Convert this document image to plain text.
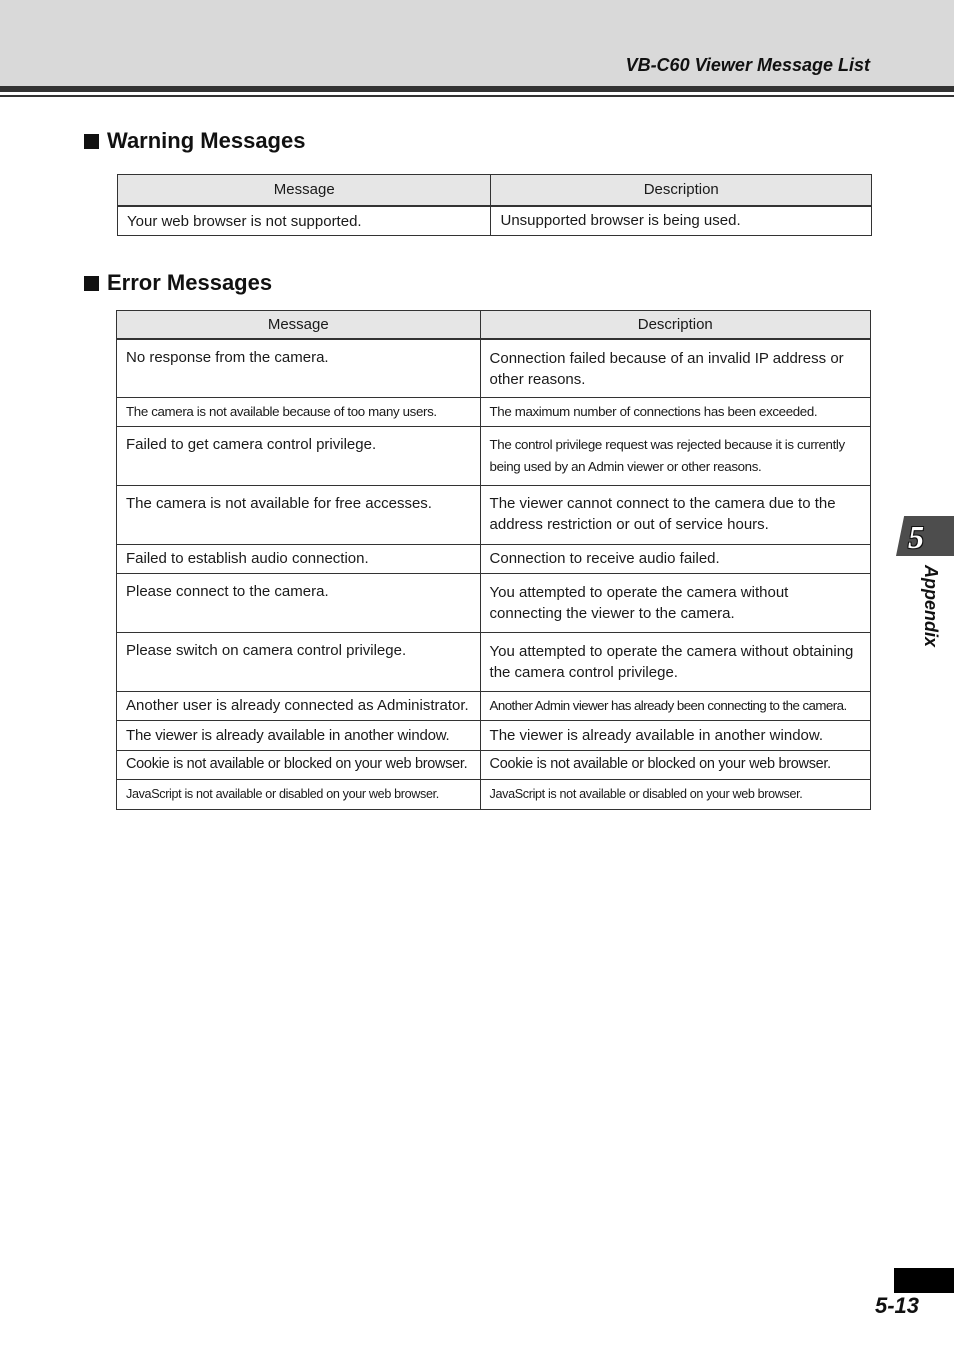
VB-C60 Viewer Message List
Warning Messages
Message	Description
Your web browser is not supported.	Unsupported browser is being used.
Error Messages
Message	Description
No response from the camera.	Connection failed because of an invalid IP address or other reasons.
The camera is not available because of too many users.	The maximum number of connections has been exceeded.
Failed to get camera control privilege.	The control privilege request was rejected because it is currently being used by an Admin viewer or other reasons.
The camera is not available for free accesses.	The viewer cannot connect to the camera due to the address restriction or out of service hours.
Failed to establish audio connection.	Connection to receive audio failed.
Please connect to the camera.	You attempted to operate the camera without connecting the viewer to the camera.
Please switch on camera control privilege.	You attempted to operate the camera without obtaining the camera control privilege.
Another user is already connected as Administrator.	Another Admin viewer has already been connecting to the camera.
The viewer is already available in another window.	The viewer is already available in another window.
Cookie is not available or blocked on your web browser.	Cookie is not available or blocked on your web browser.
JavaScript is not available or disabled on your web browser.	JavaScript is not available or disabled on your web browser.
5
Appendix
5-13
